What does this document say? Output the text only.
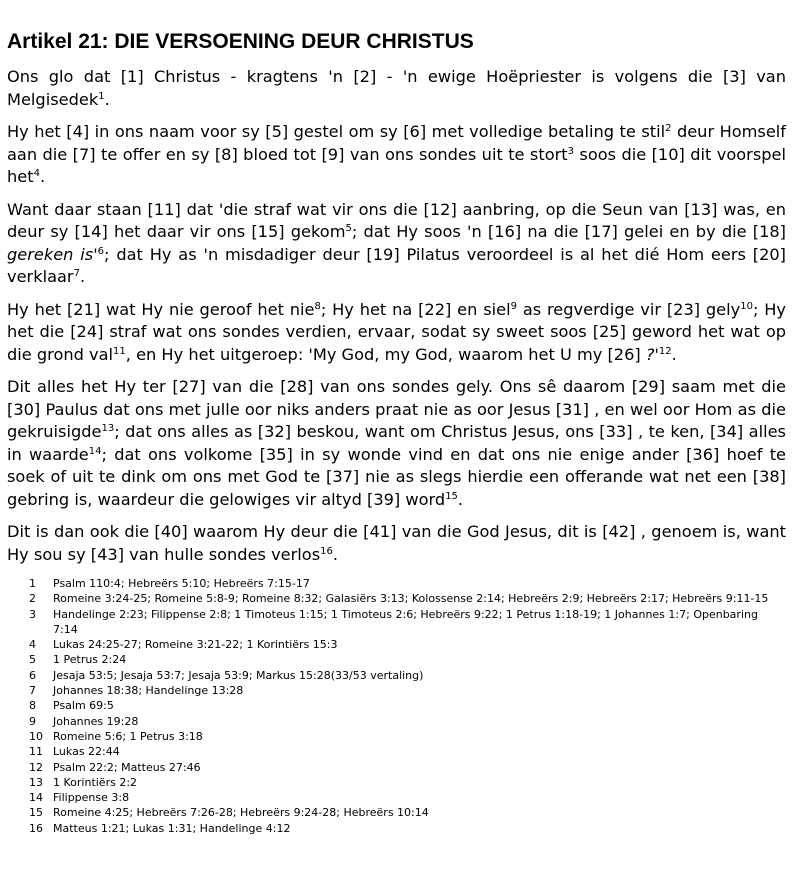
Artikel 21: DIE VERSOENING DEUR CHRISTUS

Ons glo dat [1] Christus - kragtens 'n [2] - 'n ewige Hoëpriester is volgens die [3] van Melgisedek$^1$.

Hy het [4] in ons naam voor sy [5] gestel om sy [6] met volledige betaling te stil$^2$ deur Homself aan die [7] te offer en sy [8] bloed tot [9] van ons sondes uit te stort$^3$ soos die [10] dit voorspel het$^4$.

Want daar staan [11] dat 'die straf wat vir ons die [12] aanbring, op die Seun van [13] was, en deur sy [14] het daar vir ons [15] gekom$^5$; dat Hy soos 'n [16] na die [17] gelei en by die [18] gereken $is'^6$; dat Hy as 'n misdadiger deur [19] Pilatus veroordeel is al het dié Hom eers [20] verklaar$^7$.

Hy het [21] wat Hy nie geroof het nie$^8$; Hy het na [22] en siel$^9$ as regverdige vir [23] gely$^{10}$; Hy het die [24] straf wat ons sondes verdien, ervaar, sodat sy sweet soos [25] geword het wat op die grond val$^{11}$, en Hy het uitgeroep: 'My God, my God, waarom het U my [26] $?'^{12}$.

Dit alles het Hy ter [27] van die [28] van ons sondes gely. Ons sê daarom [29] saam met die [30] Paulus dat ons met julle oor niks anders praat nie as oor Jesus [31] , en wel oor Hom as die gekruisigde$^{13}$; dat ons alles as [32] beskou, want om Christus Jesus, ons [33] , te ken, [34] alles in waarde$^{14}$; dat ons volkome [35] in sy wonde vind en dat ons nie enige ander [36] hoef te soek of uit te dink om ons met God te [37] nie as slegs hierdie een offerande wat net een [38] gebring is, waardeur die gelowiges vir altyd [39] word$^{15}$.

Dit is dan ook die [40] waarom Hy deur die [41] van die God Jesus, dit is [42] , genoem is, want Hy sou sy [43] van hulle sondes verlos$^{16}$.

1	Psalm 110:4; Hebreërs 5:10; Hebreërs 7:15-17
2	Romeine 3:24-25; Romeine 5:8-9; Romeine 8:32; Galasiërs 3:13; Kolossense 2:14; Hebreërs 2:9; Hebreërs 2:17; Hebreërs 9:11-15
3	Handelinge 2:23; Filippense 2:8; 1 Timoteus 1:15; 1 Timoteus 2:6; Hebreërs 9:22; 1 Petrus 1:18-19; 1 Johannes 1:7; Openbaring 7:14
4	Lukas 24:25-27; Romeine 3:21-22; 1 Korintiërs 15:3
5	1 Petrus 2:24
6	Jesaja 53:5; Jesaja 53:7; Jesaja 53:9; Markus 15:28(33/53 vertaling)
7	Johannes 18:38; Handelinge 13:28
8	Psalm 69:5
9	Johannes 19:28
10 Romeine 5:6; 1 Petrus 3:18
11 Lukas 22:44
12 Psalm 22:2; Matteus 27:46
13 1 Korintiërs 2:2
14 Filippense 3:8
15 Romeine 4:25; Hebreërs 7:26-28; Hebreërs 9:24-28; Hebreërs 10:14
16 Matteus 1:21; Lukas 1:31; Handelinge 4:12
